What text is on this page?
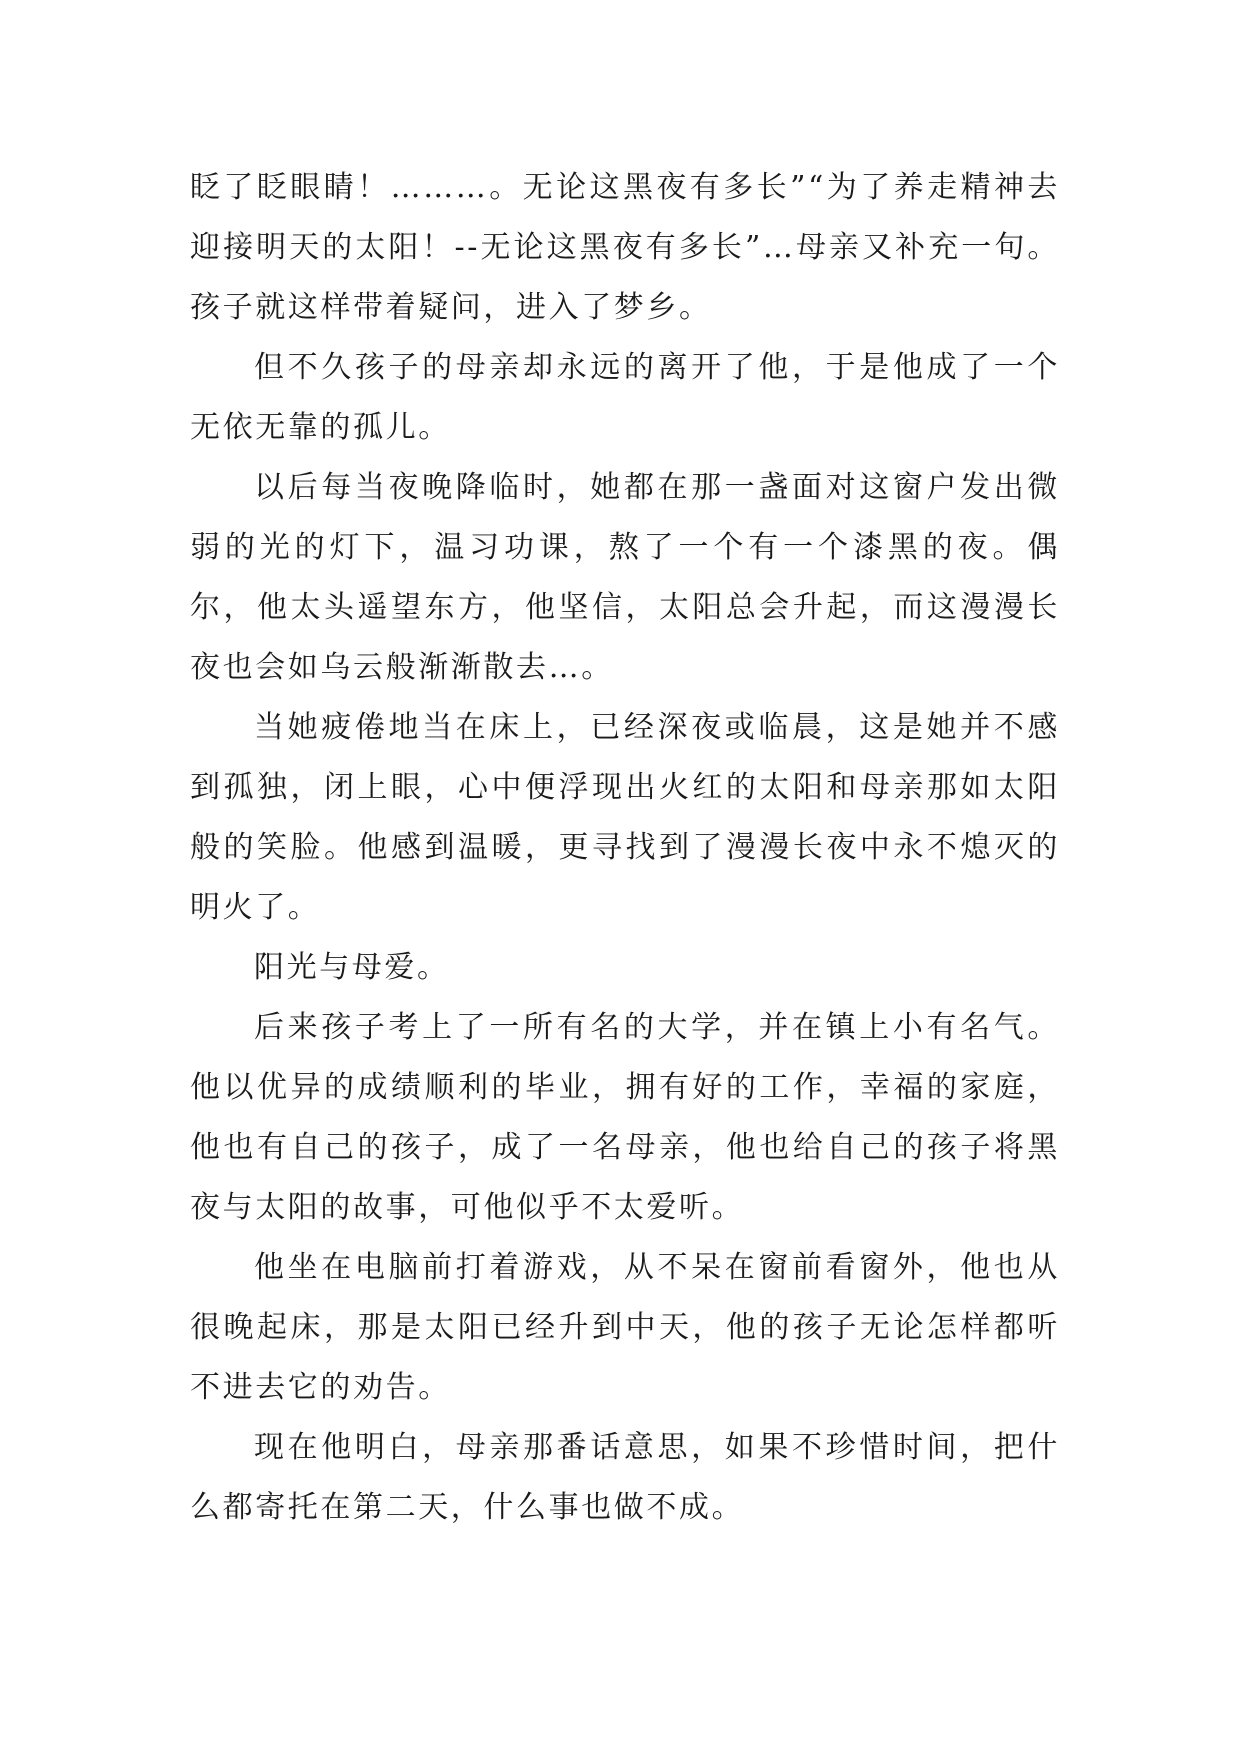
眨了眨眼睛！………。无论这黑夜有多长”“为了养走精神去迎接明天的太阳！--无论这黑夜有多长”…母亲又补充一句。孩子就这样带着疑问，进入了梦乡。

但不久孩子的母亲却永远的离开了他，于是他成了一个无依无靠的孤儿。

以后每当夜晚降临时，她都在那一盏面对这窗户发出微弱的光的灯下，温习功课，熬了一个有一个漆黑的夜。偶尔，他太头遥望东方，他坚信，太阳总会升起，而这漫漫长夜也会如乌云般渐渐散去…。

当她疲倦地当在床上，已经深夜或临晨，这是她并不感到孤独，闭上眼，心中便浮现出火红的太阳和母亲那如太阳般的笑脸。他感到温暖，更寻找到了漫漫长夜中永不熄灭的明火了。

阳光与母爱。

后来孩子考上了一所有名的大学，并在镇上小有名气。他以优异的成绩顺利的毕业，拥有好的工作，幸福的家庭，他也有自己的孩子，成了一名母亲，他也给自己的孩子将黑夜与太阳的故事，可他似乎不太爱听。

他坐在电脑前打着游戏，从不呆在窗前看窗外，他也从很晚起床，那是太阳已经升到中天，他的孩子无论怎样都听不进去它的劝告。

现在他明白，母亲那番话意思，如果不珍惜时间，把什么都寄托在第二天，什么事也做不成。
